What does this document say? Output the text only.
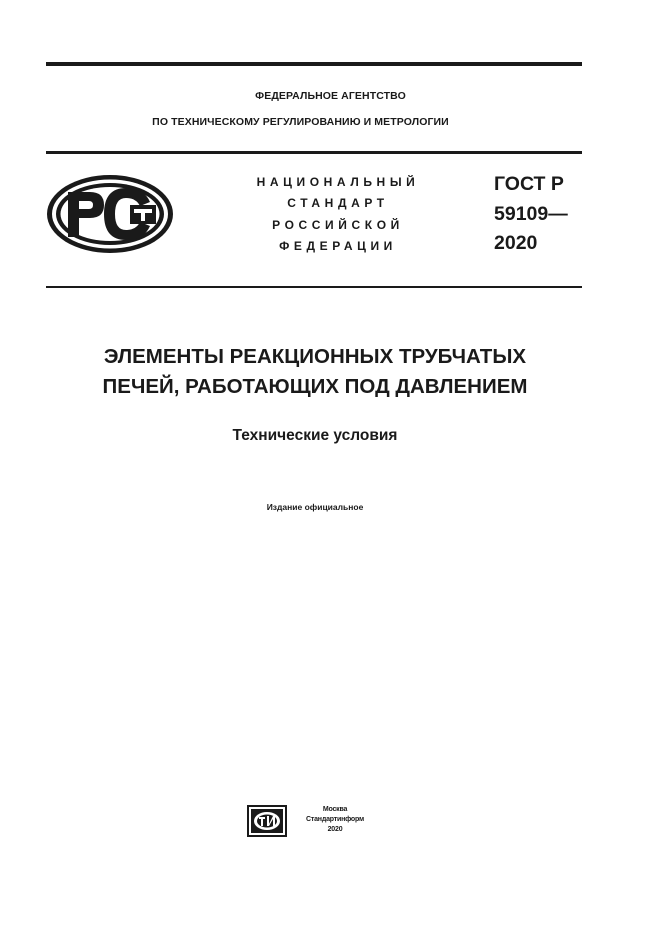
ФЕДЕРАЛЬНОЕ АГЕНТСТВО
ПО ТЕХНИЧЕСКОМУ РЕГУЛИРОВАНИЮ И МЕТРОЛОГИИ
НАЦИОНАЛЬНЫЙ
СТАНДАРТ
РОССИЙСКОЙ
ФЕДЕРАЦИИ
ГОСТ Р
59109—
2020
ЭЛЕМЕНТЫ РЕАКЦИОННЫХ ТРУБЧАТЫХ
ПЕЧЕЙ, РАБОТАЮЩИХ ПОД ДАВЛЕНИЕМ
Технические условия
Издание официальное
Москва
Стандартинформ
2020
